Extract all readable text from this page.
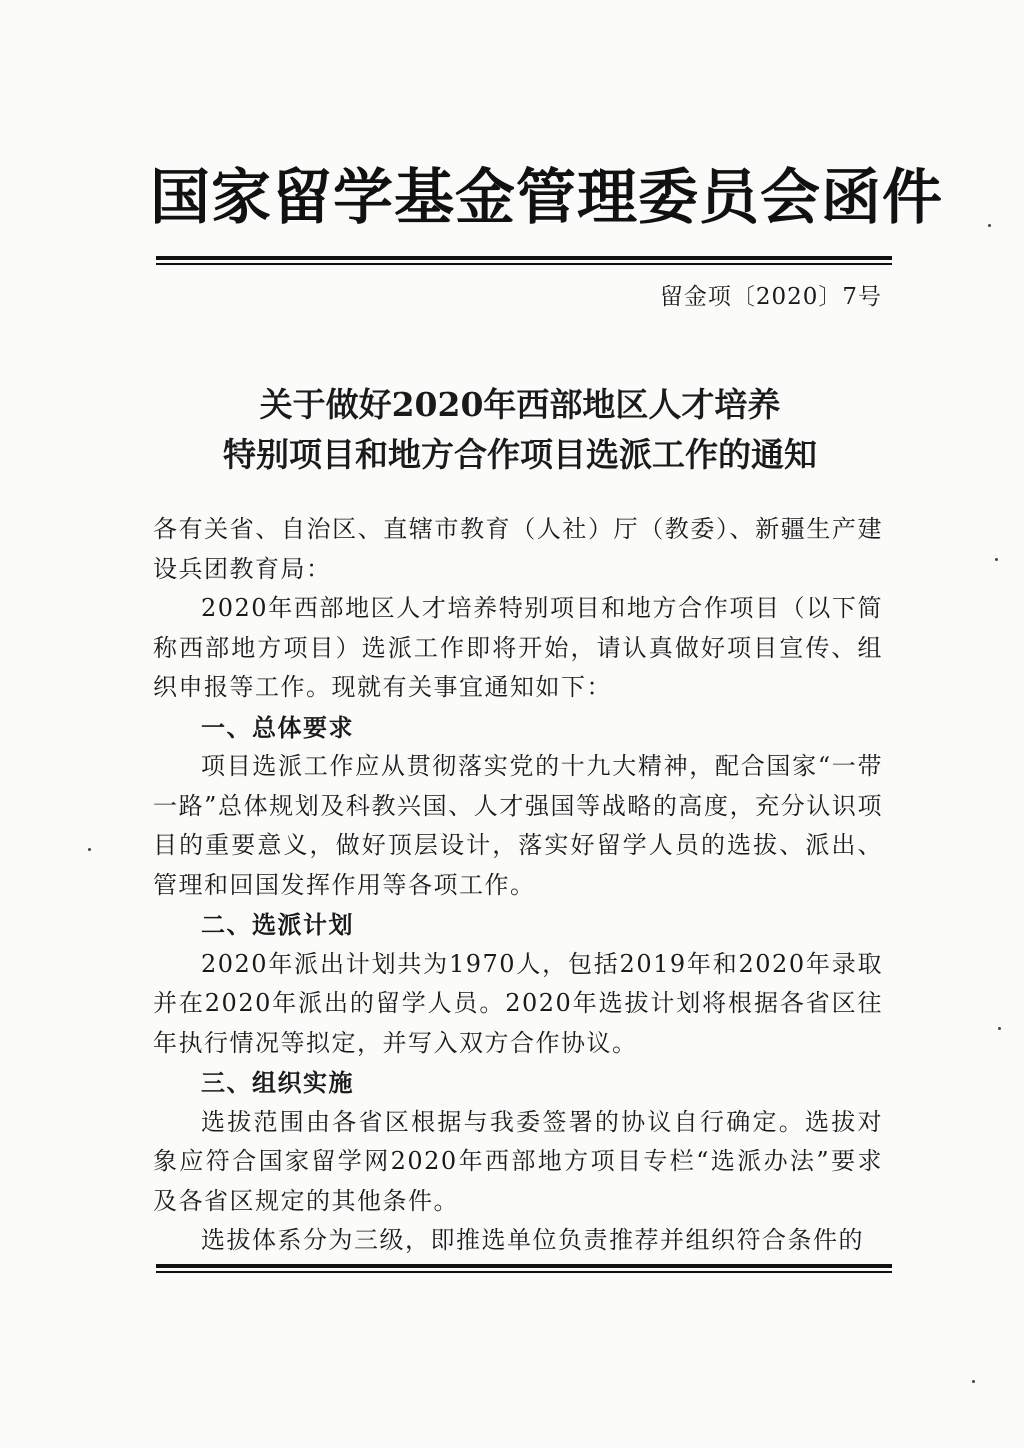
国家留学基金管理委员会函件
留金项〔2020〕7号
关于做好2020年西部地区人才培养
特别项目和地方合作项目选派工作的通知

各有关省、自治区、直辖市教育（人社）厅（教委）、新疆生产建设兵团教育局：

2020年西部地区人才培养特别项目和地方合作项目（以下简称西部地方项目）选派工作即将开始，请认真做好项目宣传、组织申报等工作。现就有关事宜通知如下：

一、总体要求

项目选派工作应从贯彻落实党的十九大精神，配合国家“一带一路”总体规划及科教兴国、人才强国等战略的高度，充分认识项目的重要意义，做好顶层设计，落实好留学人员的选拔、派出、管理和回国发挥作用等各项工作。

二、选派计划

2020年派出计划共为1970人，包括2019年和2020年录取并在2020年派出的留学人员。2020年选拔计划将根据各省区往年执行情况等拟定，并写入双方合作协议。

三、组织实施

选拔范围由各省区根据与我委签署的协议自行确定。选拔对象应符合国家留学网2020年西部地方项目专栏“选派办法”要求及各省区规定的其他条件。

选拔体系分为三级，即推选单位负责推荐并组织符合条件的
